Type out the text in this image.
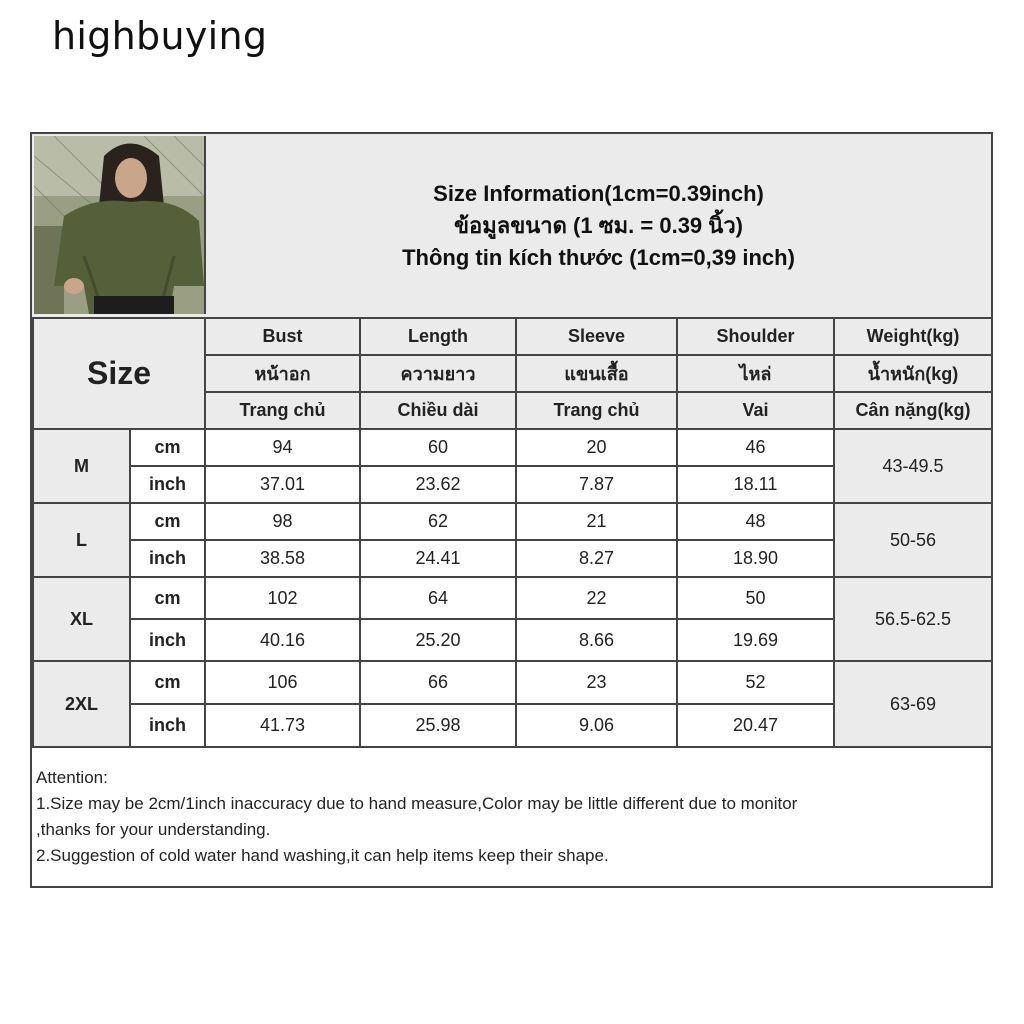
highbuying
Size Information(1cm=0.39inch)
ข้อมูลขนาด (1 ซม. = 0.39 นิ้ว)
Thông tin kích thước (1cm=0,39 inch)
Size		Bust	Length	Sleeve	Shoulder	Weight(kg)
		หน้าอก	ความยาว	แขนเสื้อ	ไหล่	น้ำหนัก(kg)
		Trang chủ	Chiều dài	Trang chủ	Vai	Cân nặng(kg)
M	cm	94	60	20	46	43-49.5
	inch	37.01	23.62	7.87	18.11	
L	cm	98	62	21	48	50-56
	inch	38.58	24.41	8.27	18.90	
XL	cm	102	64	22	50	56.5-62.5
	inch	40.16	25.20	8.66	19.69	
2XL	cm	106	66	23	52	63-69
	inch	41.73	25.98	9.06	20.47	
Attention:
1.Size may be 2cm/1inch inaccuracy due to hand measure,Color may be little different due to monitor
,thanks for your understanding.
2.Suggestion of cold water hand washing,it can help items keep their shape.
